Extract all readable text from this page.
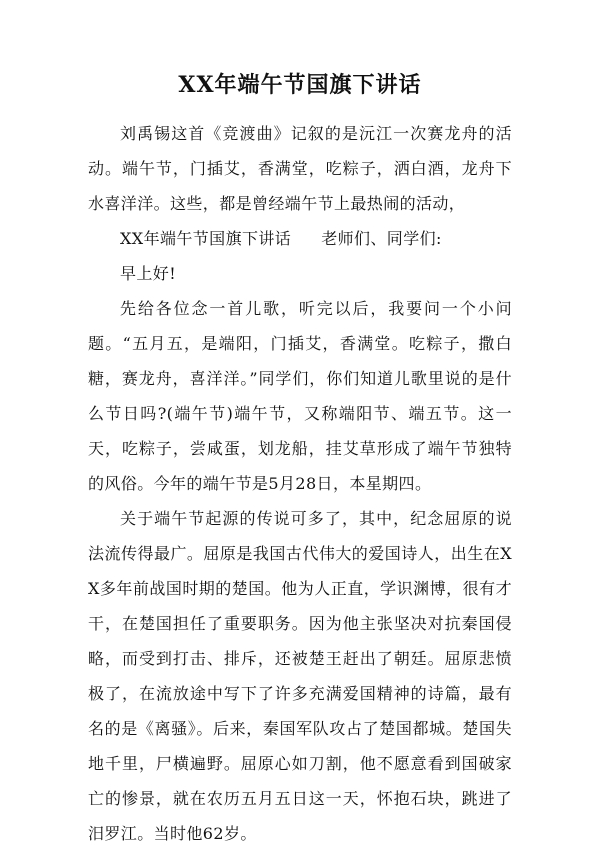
XX年端午节国旗下讲话

刘禹锡这首《竞渡曲》记叙的是沅江一次赛龙舟的活动。端午节，门插艾，香满堂，吃粽子，洒白酒，龙舟下水喜洋洋。这些，都是曾经端午节上最热闹的活动，

XX年端午节国旗下讲话 老师们、同学们:

早上好!

先给各位念一首儿歌，听完以后，我要问一个小问题。“五月五，是端阳，门插艾，香满堂。吃粽子，撒白糖，赛龙舟，喜洋洋。”同学们，你们知道儿歌里说的是什么节日吗?(端午节)端午节，又称端阳节、端五节。这一天，吃粽子，尝咸蛋，划龙船，挂艾草形成了端午节独特的风俗。今年的端午节是5月28日，本星期四。

关于端午节起源的传说可多了，其中，纪念屈原的说法流传得最广。屈原是我国古代伟大的爱国诗人，出生在XX多年前战国时期的楚国。他为人正直，学识渊博，很有才干，在楚国担任了重要职务。因为他主张坚决对抗秦国侵略，而受到打击、排斥，还被楚王赶出了朝廷。屈原悲愤极了，在流放途中写下了许多充满爱国精神的诗篇，最有名的是《离骚》。后来，秦国军队攻占了楚国都城。楚国失地千里，尸横遍野。屈原心如刀割，他不愿意看到国破家亡的惨景，就在农历五月五日这一天，怀抱石块，跳进了汨罗江。当时他62岁。
